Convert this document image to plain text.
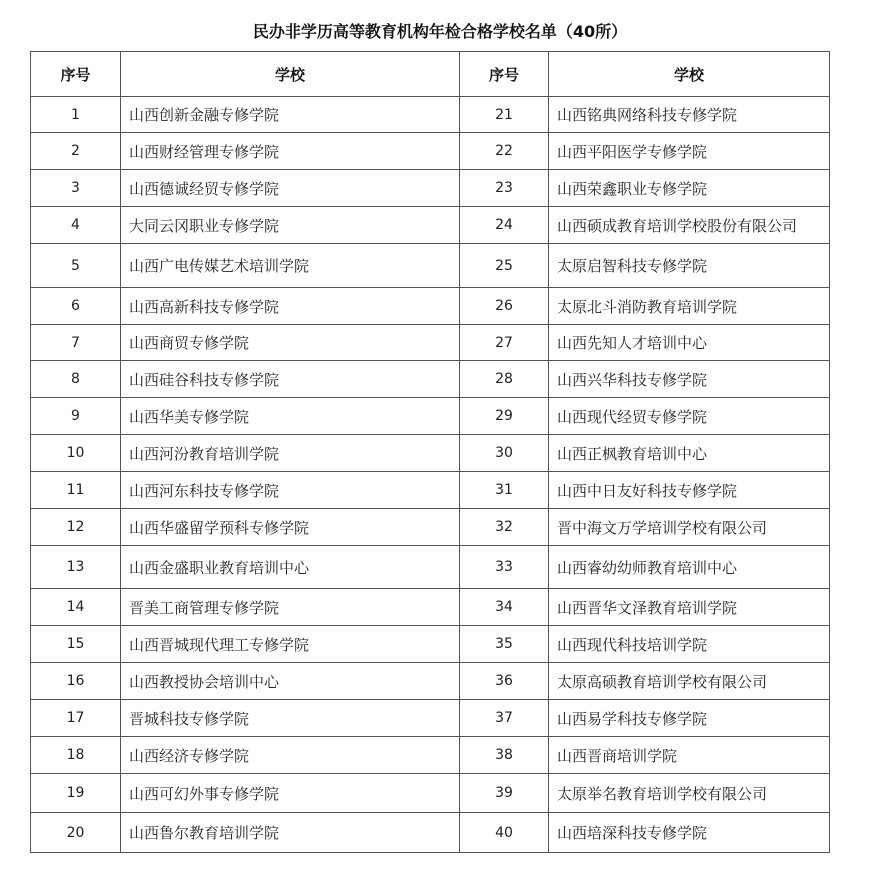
民办非学历高等教育机构年检合格学校名单（40所）
序号	学校	序号	学校
1	山西创新金融专修学院	21	山西铭典网络科技专修学院
2	山西财经管理专修学院	22	山西平阳医学专修学院
3	山西德诚经贸专修学院	23	山西荣鑫职业专修学院
4	大同云冈职业专修学院	24	山西硕成教育培训学校股份有限公司
5	山西广电传媒艺术培训学院	25	太原启智科技专修学院
6	山西高新科技专修学院	26	太原北斗消防教育培训学院
7	山西商贸专修学院	27	山西先知人才培训中心
8	山西硅谷科技专修学院	28	山西兴华科技专修学院
9	山西华美专修学院	29	山西现代经贸专修学院
10	山西河汾教育培训学院	30	山西正枫教育培训中心
11	山西河东科技专修学院	31	山西中日友好科技专修学院
12	山西华盛留学预科专修学院	32	晋中海文万学培训学校有限公司
13	山西金盛职业教育培训中心	33	山西睿幼幼师教育培训中心
14	晋美工商管理专修学院	34	山西晋华文泽教育培训学院
15	山西晋城现代理工专修学院	35	山西现代科技培训学院
16	山西教授协会培训中心	36	太原高硕教育培训学校有限公司
17	晋城科技专修学院	37	山西易学科技专修学院
18	山西经济专修学院	38	山西晋商培训学院
19	山西可幻外事专修学院	39	太原举名教育培训学校有限公司
20	山西鲁尔教育培训学院	40	山西培深科技专修学院
